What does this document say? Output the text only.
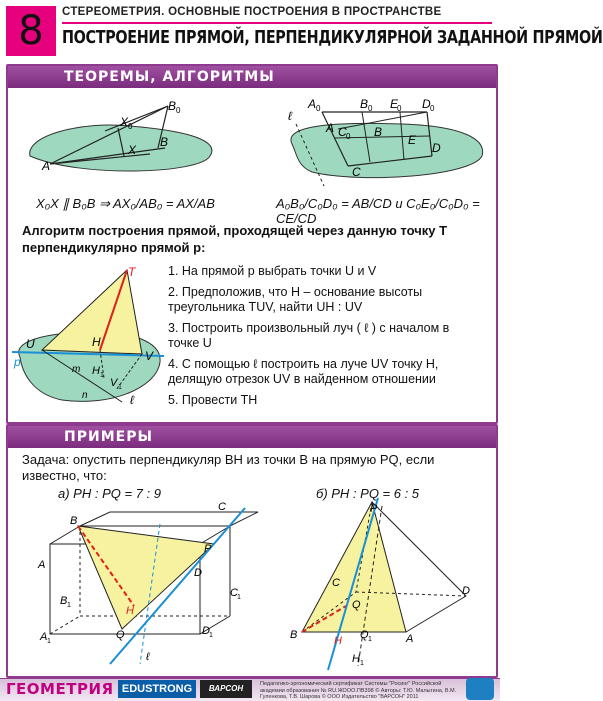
8	СТЕРЕОМЕТРИЯ. ОСНОВНЫЕ ПОСТРОЕНИЯ В ПРОСТРАНСТВЕ
ПОСТРОЕНИЕ ПРЯМОЙ, ПЕРПЕНДИКУЛЯРНОЙ ЗАДАННОЙ ПРЯМОЙ
ТЕОРЕМЫ, АЛГОРИТМЫ
A
X 0
B 0
X
B
ℓ
A 0	B 0 E
0 D 0
A C 0 B
E
D
C
X₀X ∥ B₀B ⇒ AX₀/AB₀ = AX/AB	A₀B₀/C₀D₀ = AB/CD и C₀E₀/C₀D₀ = CE/CD
Алгоритм построения прямой, проходящей через данную точку T перпендикулярно прямой p:
T
U	H
V
p
m H 1
V 1
n	ℓ
1. На прямой p выбрать точки U и V
2. Предположив, что H – основание высоты треугольника TUV, найти UH : UV
3. Построить произвольный луч ( ℓ ) с началом в точке U
4. С помощью ℓ построить на луче UV точку H, делящую отрезок UV в найденном отношении
5. Провести TH
ПРИМЕРЫ
Задача: опустить перпендикуляр BH из точки B на прямую PQ, если известно, что:
а) PH : PQ = 7 : 9	б) PH : PQ = 6 : 5
B
C
A
B 1
P
D
C 1
H
A 1
Q	D 1
ℓ
P
C
D
Q
B	H Q 1	A
H 1
ГЕОМЕТРИЯ EDUSTRONG	ВАРСОН	Педагогико-эргономический сертификат Системы "Росинг" Российской академии образования № RU.ЖООО.ПВ398 © Авторы: Т.Ю. Малыгина, В.М. Гуленкова, Т.В. Шарова © ООО Издательство "ВАРСОН" 2011
